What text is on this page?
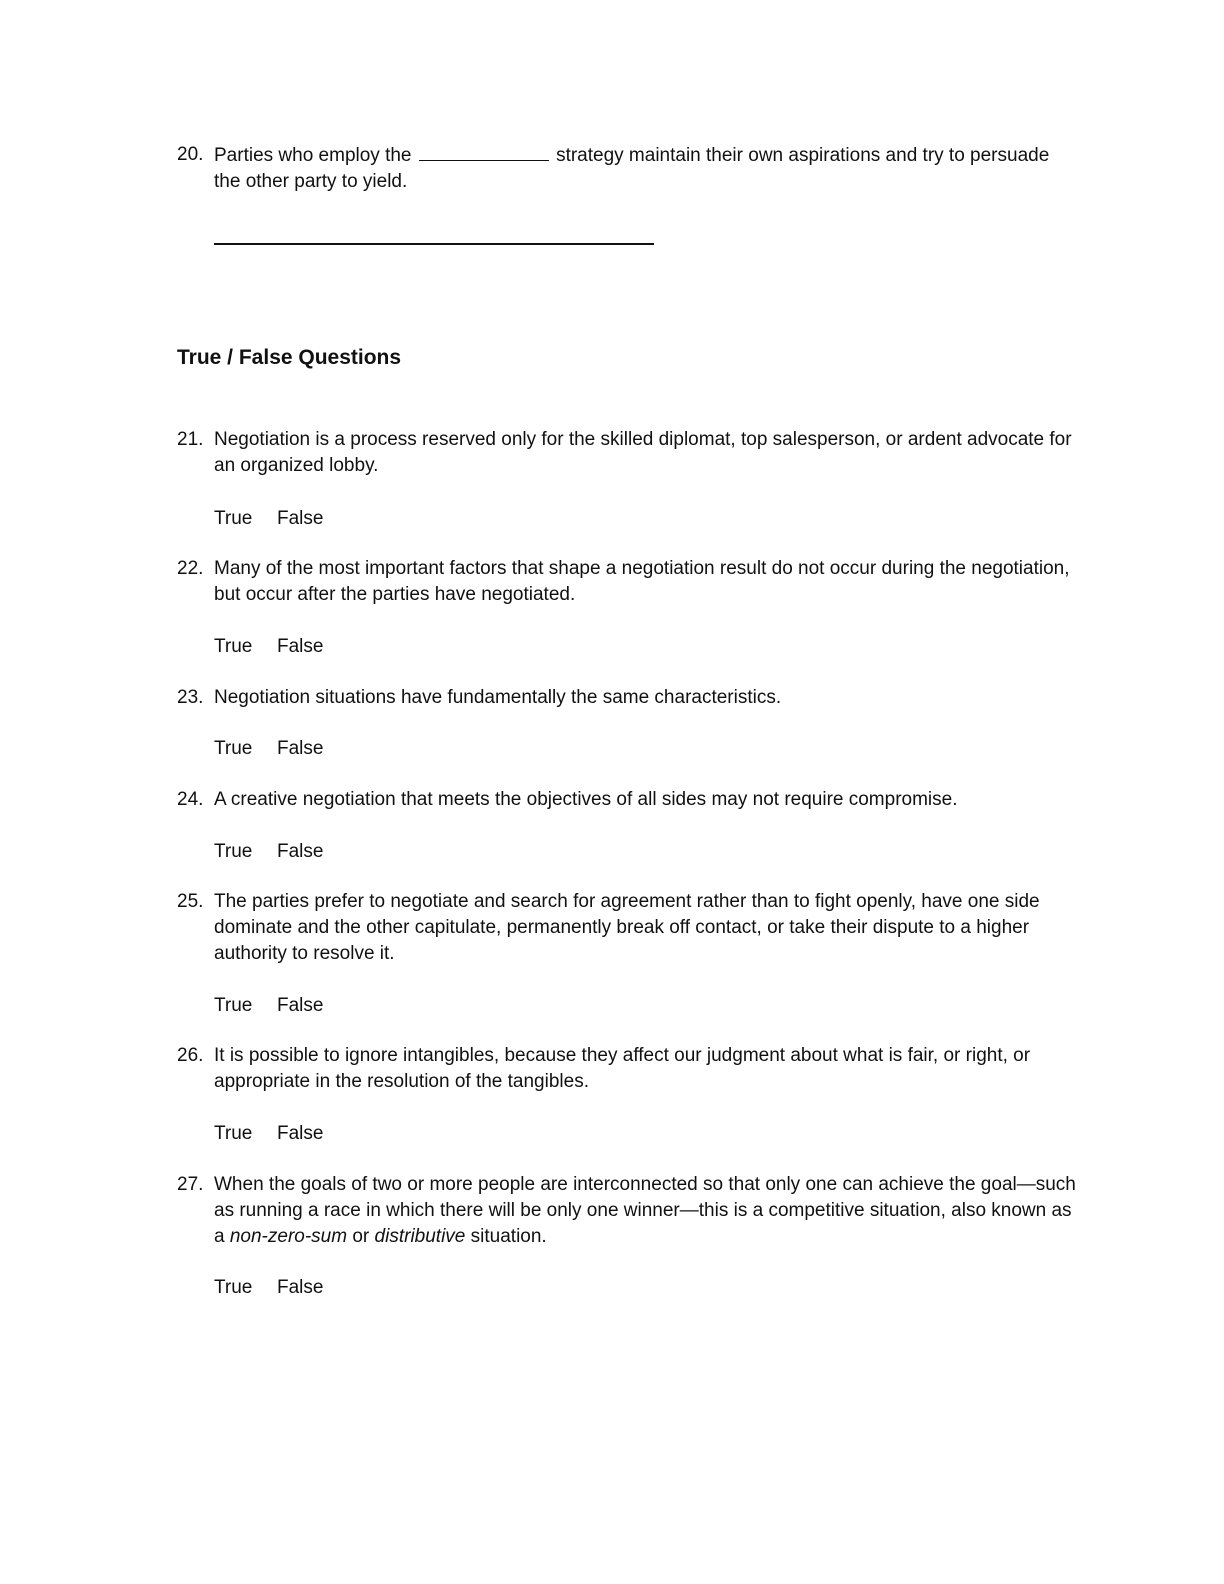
20. Parties who employ the	strategy maintain their own aspirations and try to persuade the other party to yield.
True / False Questions
21. Negotiation is a process reserved only for the skilled diplomat, top salesperson, or ardent advocate for an organized lobby.
True False
22. Many of the most important factors that shape a negotiation result do not occur during the negotiation, but occur after the parties have negotiated.
True False
23. Negotiation situations have fundamentally the same characteristics.
True False
24. A creative negotiation that meets the objectives of all sides may not require compromise.
True False
25. The parties prefer to negotiate and search for agreement rather than to fight openly, have one side dominate and the other capitulate, permanently break off contact, or take their dispute to a higher authority to resolve it.
True False
26. It is possible to ignore intangibles, because they affect our judgment about what is fair, or right, or appropriate in the resolution of the tangibles.
True False
27. When the goals of two or more people are interconnected so that only one can achieve the goal—such as running a race in which there will be only one winner—this is a competitive situation, also known as a non-zero-sum or distributive situation.
True False
